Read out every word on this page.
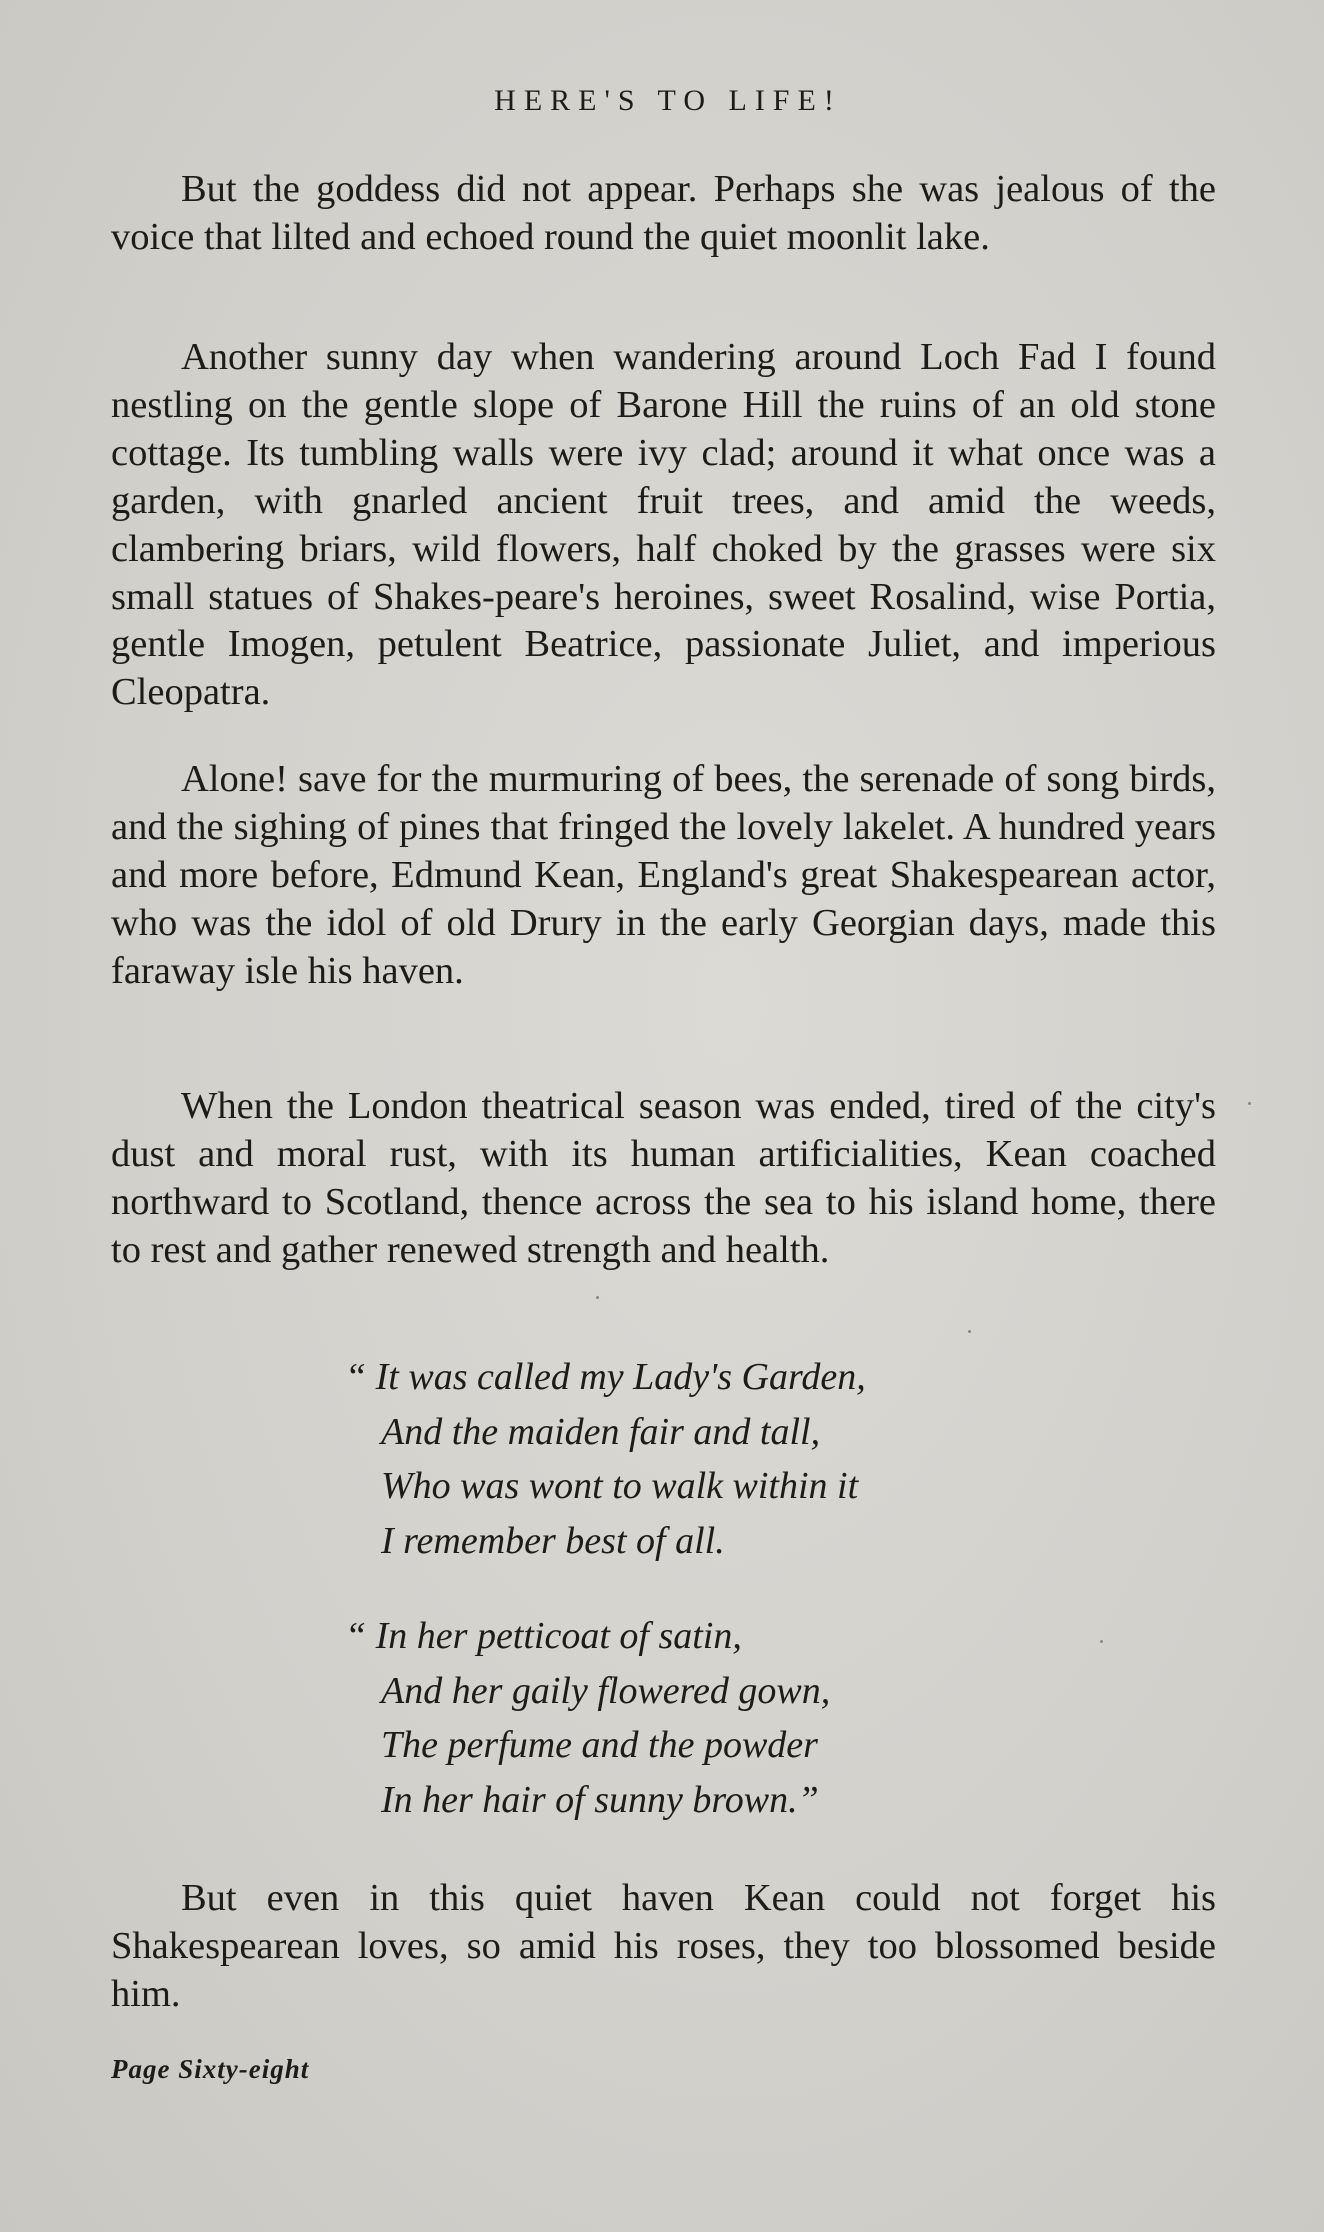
HERE'S TO LIFE!

But the goddess did not appear. Perhaps she was jealous of the voice that lilted and echoed round the quiet moonlit lake.

Another sunny day when wandering around Loch Fad I found nestling on the gentle slope of Barone Hill the ruins of an old stone cottage. Its tumbling walls were ivy clad; around it what once was a garden, with gnarled ancient fruit trees, and amid the weeds, clambering briars, wild flowers, half choked by the grasses were six small statues of Shakes-peare's heroines, sweet Rosalind, wise Portia, gentle Imogen, petulent Beatrice, passionate Juliet, and imperious Cleopatra.

Alone! save for the murmuring of bees, the serenade of song birds, and the sighing of pines that fringed the lovely lakelet. A hundred years and more before, Edmund Kean, England's great Shakespearean actor, who was the idol of old Drury in the early Georgian days, made this faraway isle his haven.

When the London theatrical season was ended, tired of the city's dust and moral rust, with its human artificialities, Kean coached northward to Scotland, thence across the sea to his island home, there to rest and gather renewed strength and health.

“ It was called my Lady's Garden,
And the maiden fair and tall,
Who was wont to walk within it
I remember best of all.
“ In her petticoat of satin,
And her gaily flowered gown,
The perfume and the powder
In her hair of sunny brown.”

But even in this quiet haven Kean could not forget his Shakespearean loves, so amid his roses, they too blossomed beside him.

Page Sixty-eight
